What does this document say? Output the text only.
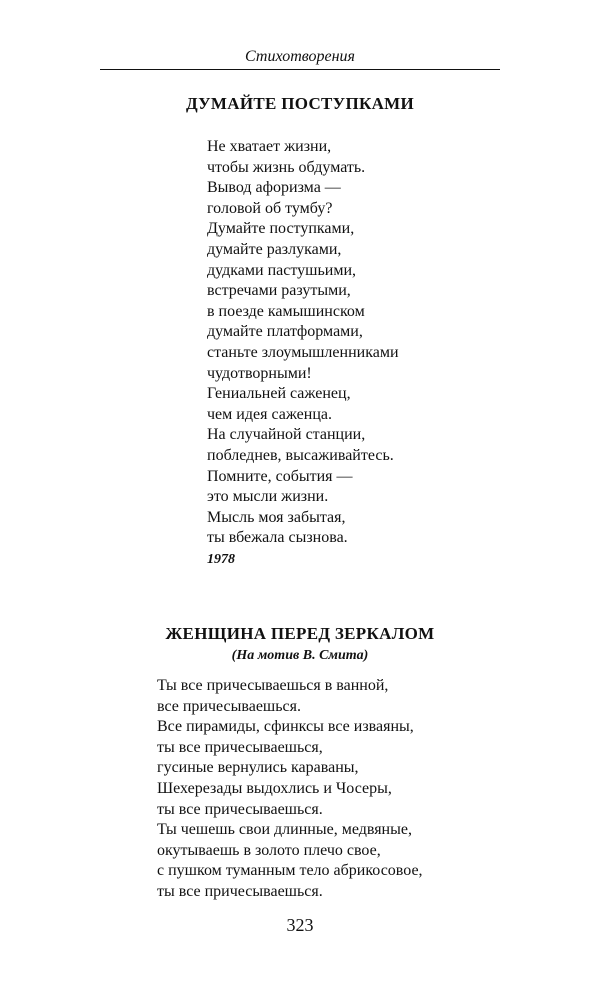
Стихотворения
ДУМАЙТЕ ПОСТУПКАМИ
Не хватает жизни,
чтобы жизнь обдумать.
Вывод афоризма —
головой об тумбу?
Думайте поступками,
думайте разлуками,
дудками пастушьими,
встречами разутыми,
в поезде камышинском
думайте платформами,
станьте злоумышленниками
чудотворными!
Гениальней саженец,
чем идея саженца.
На случайной станции,
побледнев, высаживайтесь.
Помните, события —
это мысли жизни.
Мысль моя забытая,
ты вбежала сызнова.
1978
ЖЕНЩИНА ПЕРЕД ЗЕРКАЛОМ
(На мотив В. Смита)
Ты все причесываешься в ванной,
все причесываешься.
Все пирамиды, сфинксы все изваяны,
ты все причесываешься,
гусиные вернулись караваны,
Шехерезады выдохлись и Чосеры,
ты все причесываешься.
Ты чешешь свои длинные, медвяные,
окутываешь в золото плечо свое,
с пушком туманным тело абрикосовое,
ты все причесываешься.
323
